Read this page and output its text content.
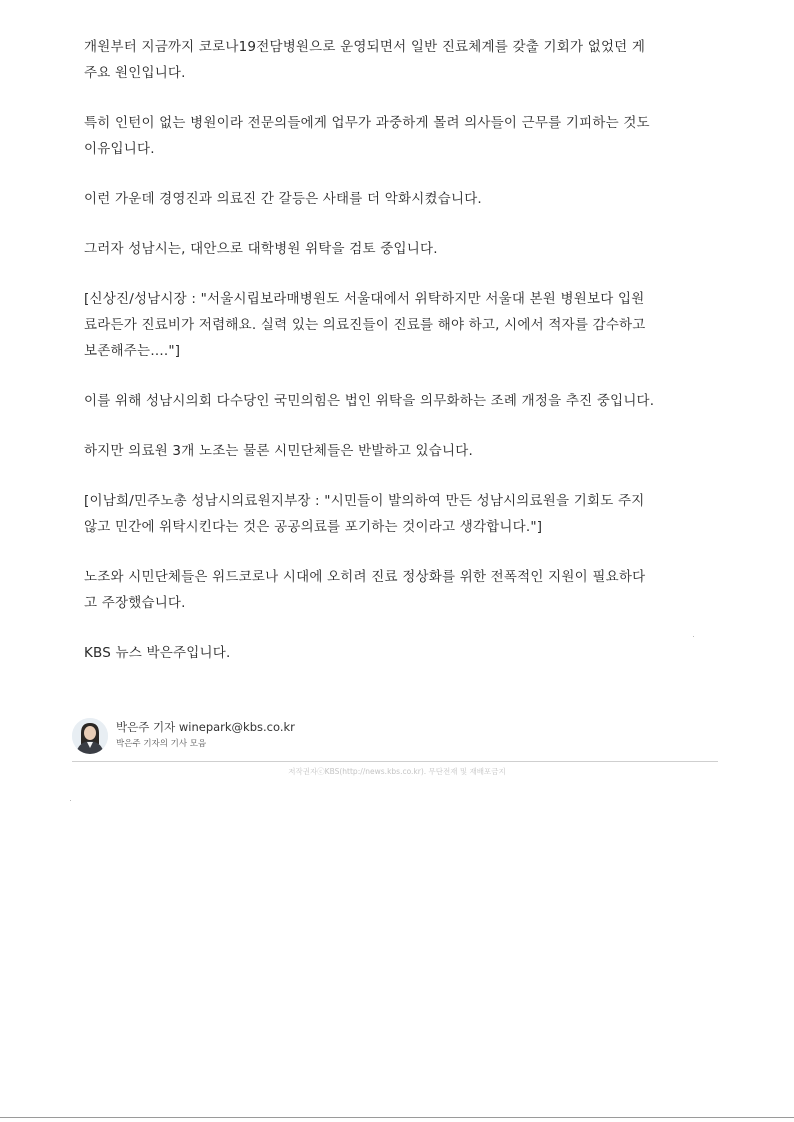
개원부터 지금까지 코로나19전담병원으로 운영되면서 일반 진료체계를 갖출 기회가 없었던 게
주요 원인입니다.

특히 인턴이 없는 병원이라 전문의들에게 업무가 과중하게 몰려 의사들이 근무를 기피하는 것도
이유입니다.

이런 가운데 경영진과 의료진 간 갈등은 사태를 더 악화시켰습니다.

그러자 성남시는, 대안으로 대학병원 위탁을 검토 중입니다.

[신상진/성남시장 : "서울시립보라매병원도 서울대에서 위탁하지만 서울대 본원 병원보다 입원
료라든가 진료비가 저렴해요. 실력 있는 의료진들이 진료를 해야 하고, 시에서 적자를 감수하고
보존해주는…."]

이를 위해 성남시의회 다수당인 국민의힘은 법인 위탁을 의무화하는 조례 개정을 추진 중입니다.

하지만 의료원 3개 노조는 물론 시민단체들은 반발하고 있습니다.

[이남희/민주노총 성남시의료원지부장 : "시민들이 발의하여 만든 성남시의료원을 기회도 주지
않고 민간에 위탁시킨다는 것은 공공의료를 포기하는 것이라고 생각합니다."]

노조와 시민단체들은 위드코로나 시대에 오히려 진료 정상화를 위한 전폭적인 지원이 필요하다
고 주장했습니다.

KBS 뉴스 박은주입니다.

박은주 기자 winepark@kbs.co.kr
박은주 기자의 기사 모음
저작권자ⓒKBS(http://news.kbs.co.kr). 무단전재 및 재배포금지
